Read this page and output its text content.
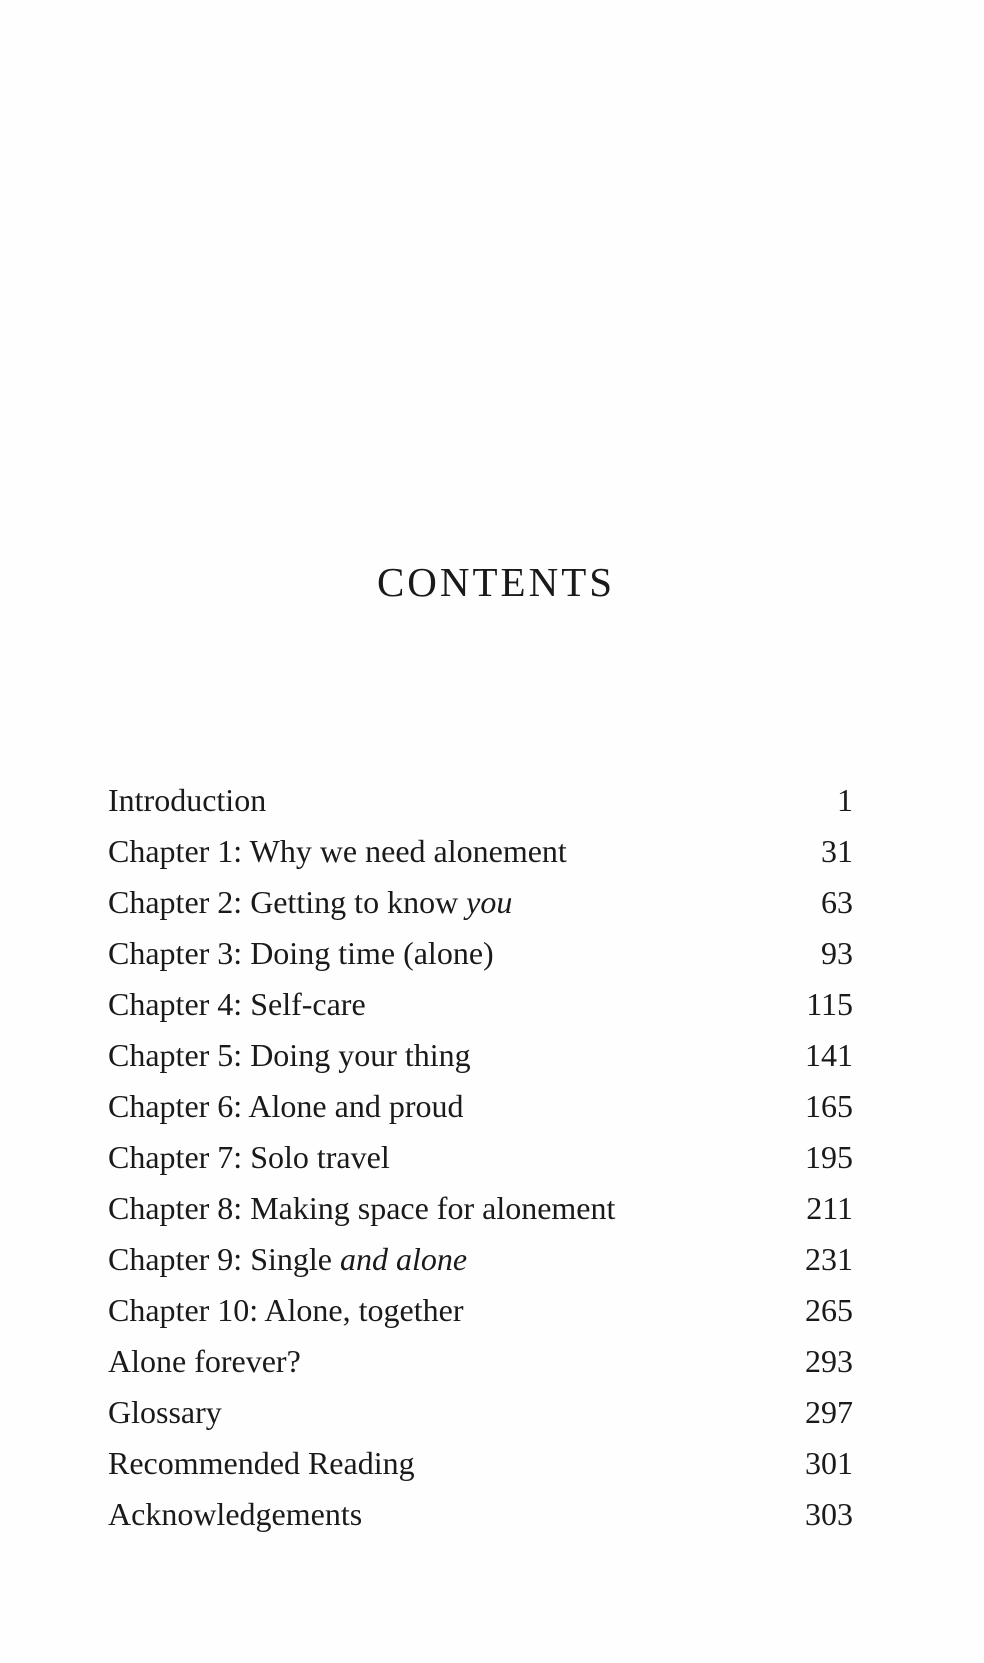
CONTENTS
Introduction	1
Chapter 1: Why we need alonement	31
Chapter 2: Getting to know you	63
Chapter 3: Doing time (alone)	93
Chapter 4: Self-care	115
Chapter 5: Doing your thing	141
Chapter 6: Alone and proud	165
Chapter 7: Solo travel	195
Chapter 8: Making space for alonement	211
Chapter 9: Single and alone	231
Chapter 10: Alone, together	265
Alone forever?	293
Glossary	297
Recommended Reading	301
Acknowledgements	303
